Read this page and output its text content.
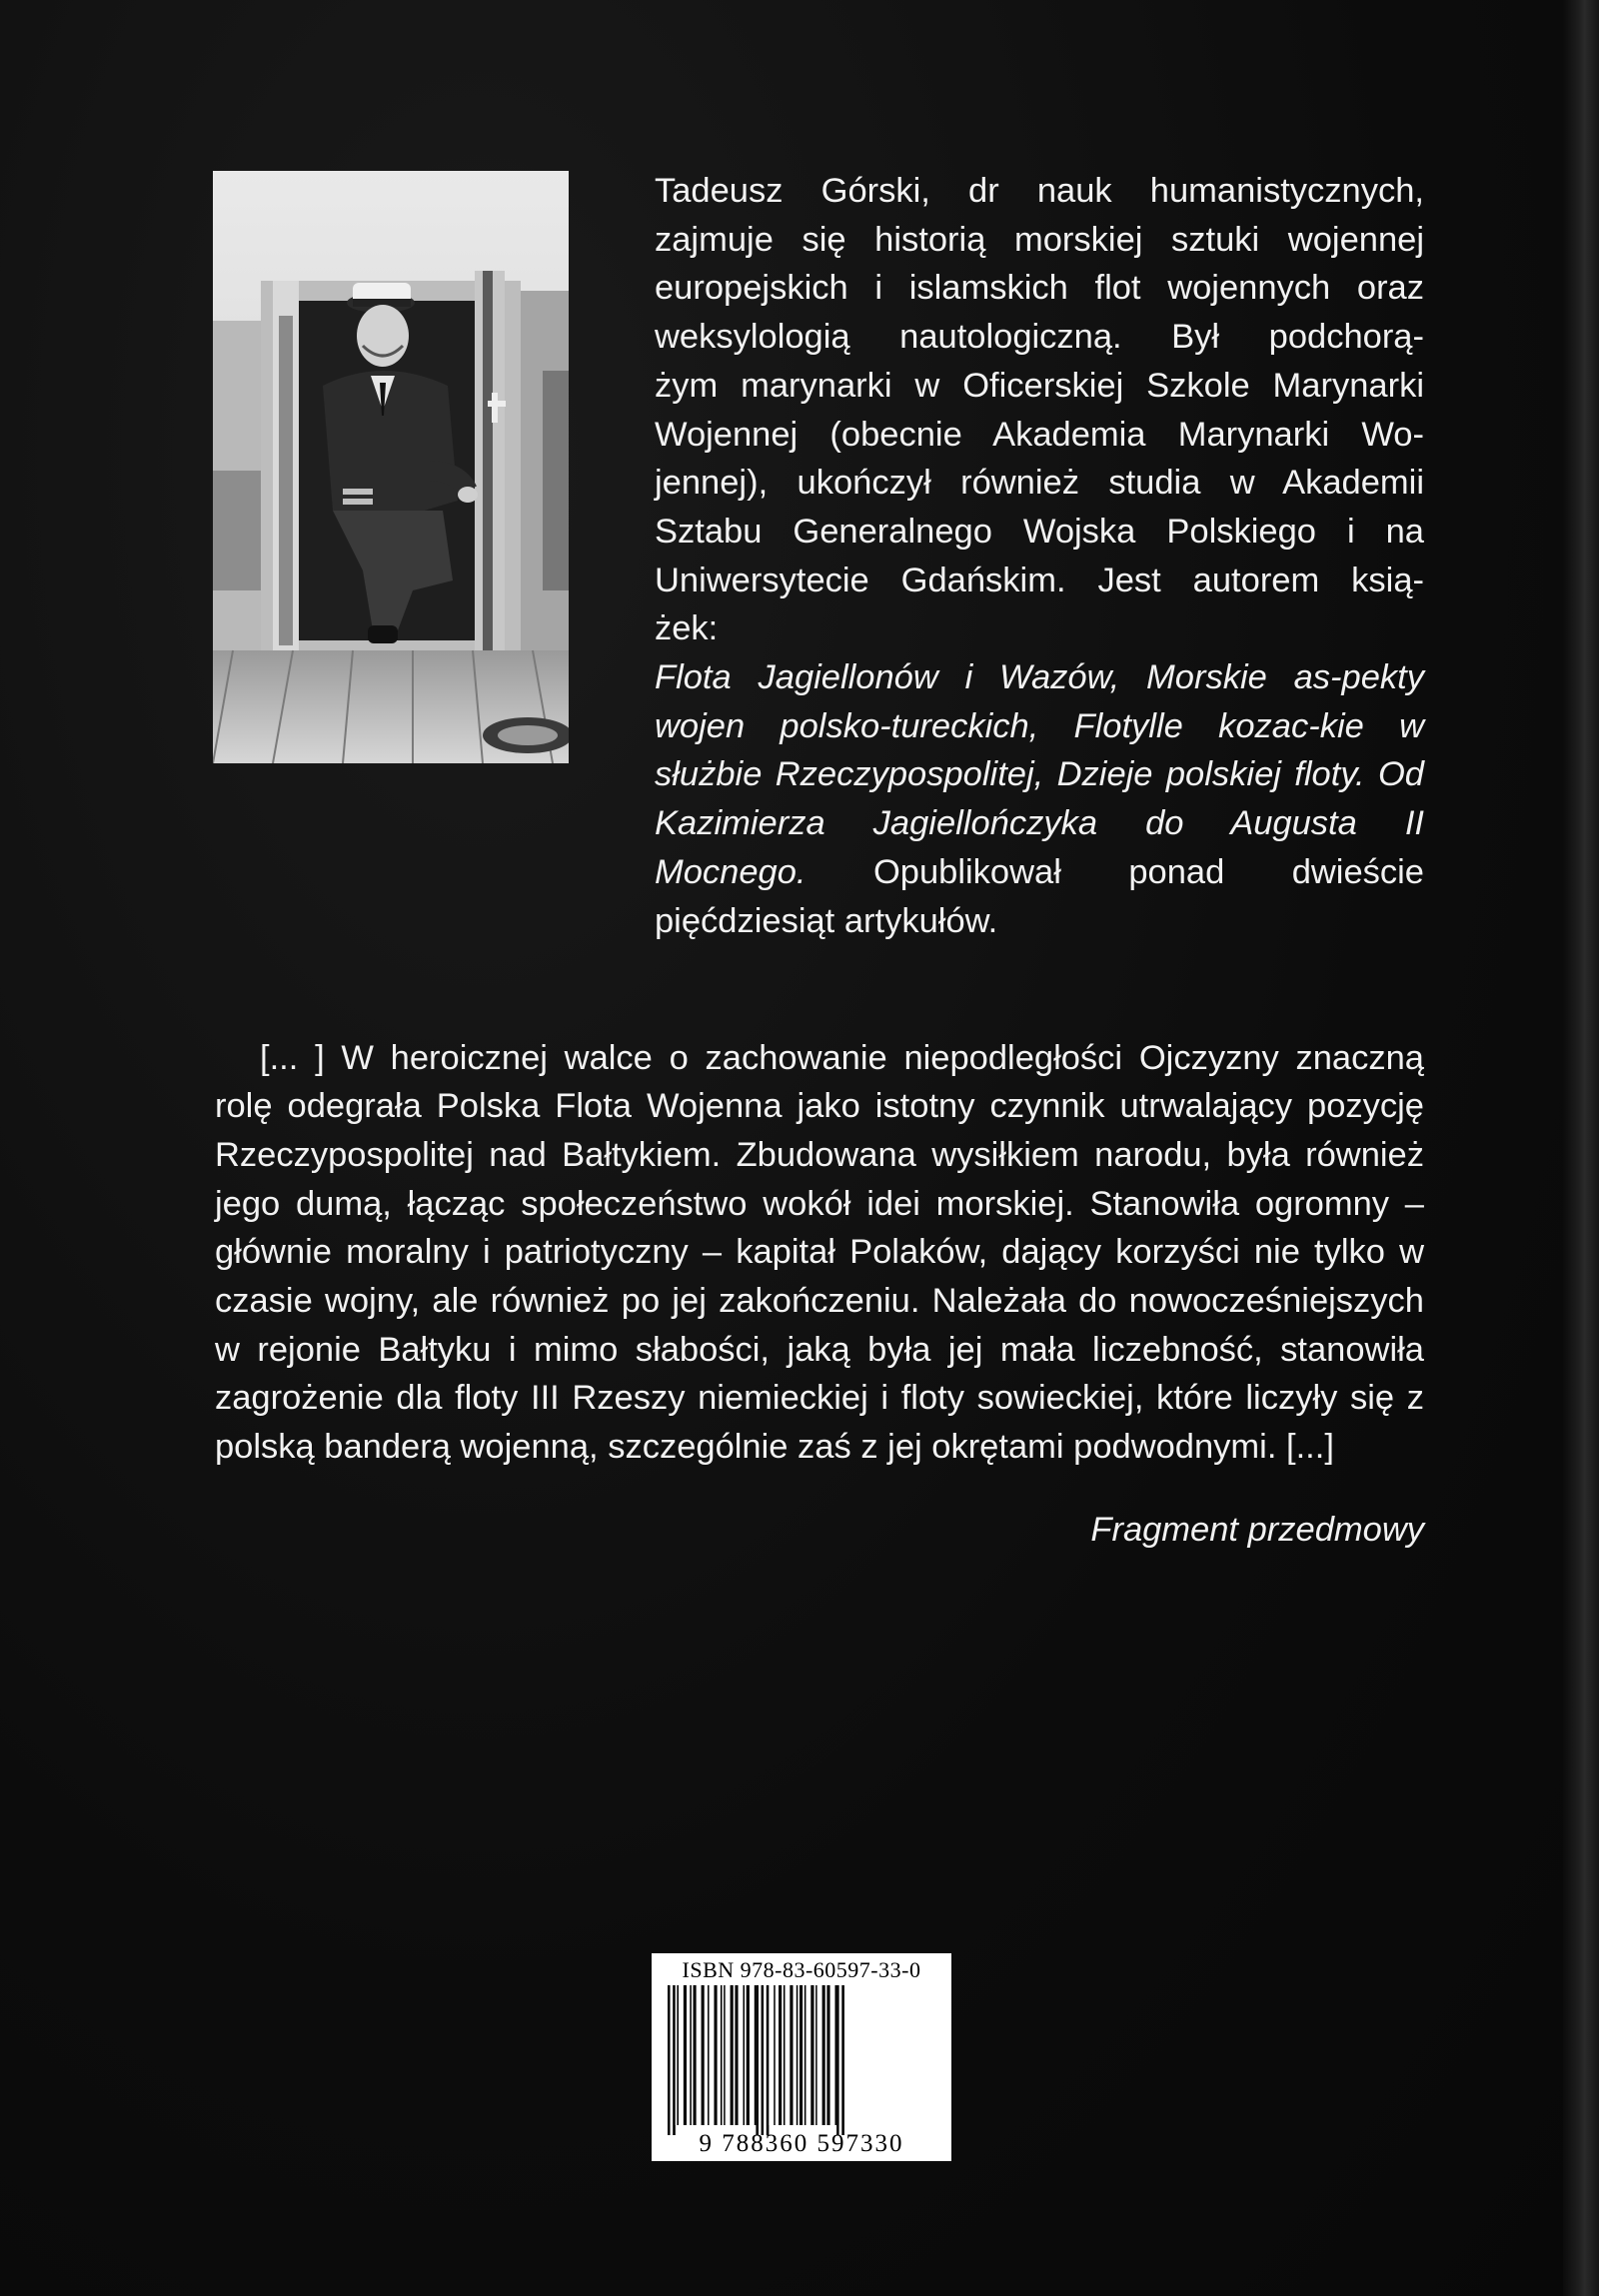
Tadeusz Górski, dr nauk humanistycznych,
zajmuje się historią morskiej sztuki wojennej
europejskich i islamskich flot wojennych oraz
weksylologią nautologiczną. Był podchorą-
żym marynarki w Oficerskiej Szkole Marynarki
Wojennej (obecnie Akademia Marynarki Wo-
jennej), ukończył również studia w Akademii
Sztabu Generalnego Wojska Polskiego i na
Uniwersytecie Gdańskim. Jest autorem ksią-
żek:
Flota Jagiellonów i Wazów, Morskie as-pekty wojen polsko-tureckich, Flotylle kozac-kie w służbie Rzeczypospolitej, Dzieje polskiej floty. Od Kazimierza Jagiellończyka do Augusta II Mocnego. Opublikował ponad dwieście pięćdziesiąt artykułów.

[... ] W heroicznej walce o zachowanie niepodległości Ojczyzny znaczną rolę odegrała Polska Flota Wojenna jako istotny czynnik utrwalający pozycję Rzeczypospolitej nad Bałtykiem. Zbudowana wysiłkiem narodu, była również jego dumą, łącząc społeczeństwo wokół idei morskiej. Stanowiła ogromny – głównie moralny i patriotyczny – kapitał Polaków, dający korzyści nie tylko w czasie wojny, ale również po jej zakończeniu. Należała do nowocześniejszych w rejonie Bałtyku i mimo słabości, jaką była jej mała liczebność, stanowiła zagrożenie dla floty III Rzeszy niemieckiej i floty sowieckiej, które liczyły się z polską banderą wojenną, szczególnie zaś z jej okrętami podwodnymi. [...]

Fragment przedmowy
ISBN 978-83-60597-33-0
9 788360 597330
